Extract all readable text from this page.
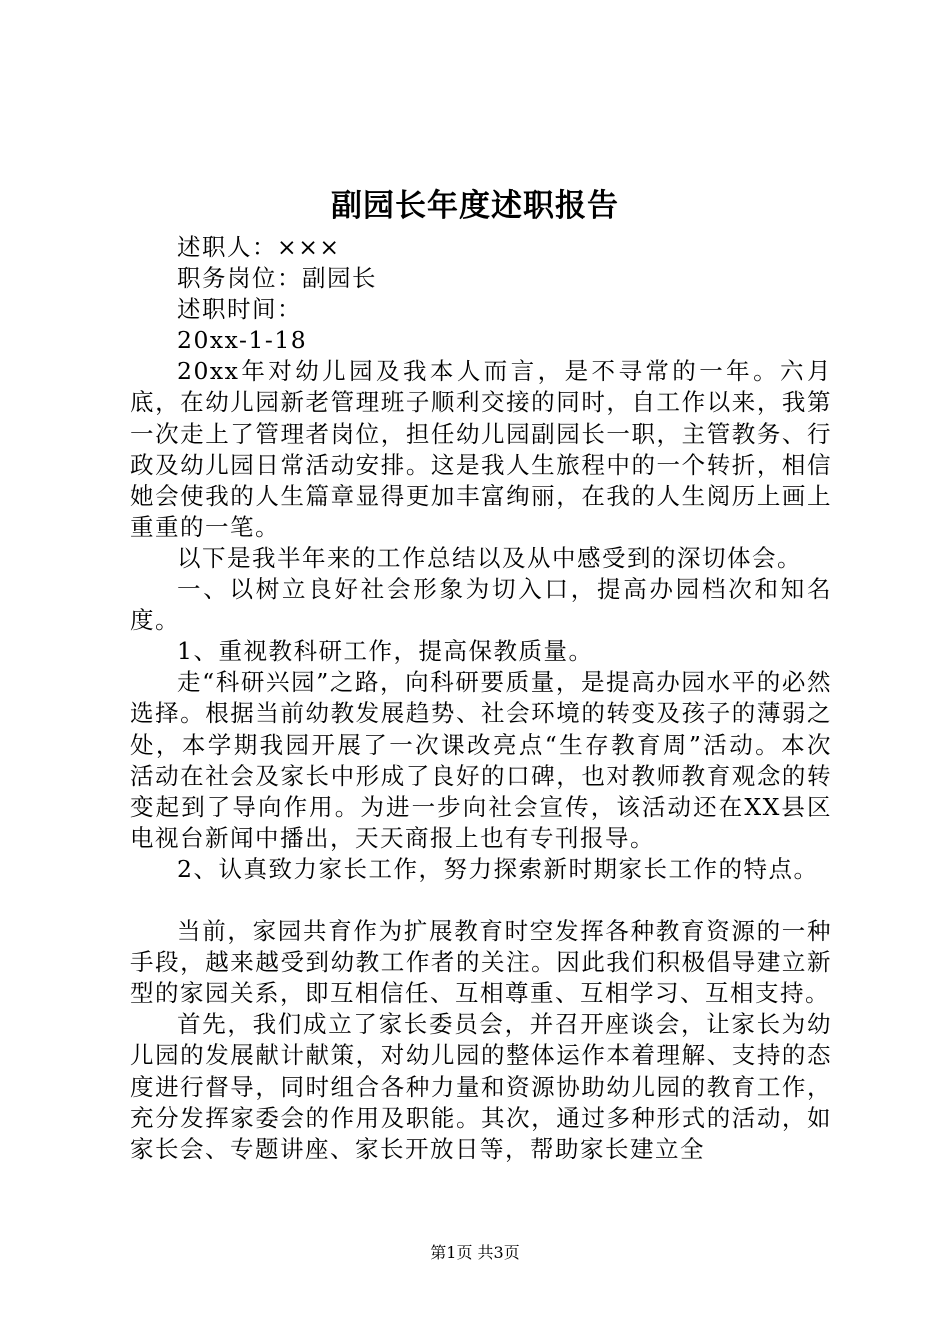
副园长年度述职报告

述职人：×××

职务岗位：副园长

述职时间：

20xx-1-18

20xx年对幼儿园及我本人而言，是不寻常的一年。六月底，在幼儿园新老管理班子顺利交接的同时，自工作以来，我第一次走上了管理者岗位，担任幼儿园副园长一职，主管教务、行政及幼儿园日常活动安排。这是我人生旅程中的一个转折，相信她会使我的人生篇章显得更加丰富绚丽，在我的人生阅历上画上重重的一笔。

以下是我半年来的工作总结以及从中感受到的深切体会。

一、以树立良好社会形象为切入口，提高办园档次和知名度。

1、重视教科研工作，提高保教质量。

走“科研兴园”之路，向科研要质量，是提高办园水平的必然选择。根据当前幼教发展趋势、社会环境的转变及孩子的薄弱之处，本学期我园开展了一次课改亮点“生存教育周”活动。本次活动在社会及家长中形成了良好的口碑，也对教师教育观念的转变起到了导向作用。为进一步向社会宣传，该活动还在XX县区电视台新闻中播出，天天商报上也有专刊报导。

2、认真致力家长工作，努力探索新时期家长工作的特点。

当前，家园共育作为扩展教育时空发挥各种教育资源的一种手段，越来越受到幼教工作者的关注。因此我们积极倡导建立新型的家园关系，即互相信任、互相尊重、互相学习、互相支持。

首先，我们成立了家长委员会，并召开座谈会，让家长为幼儿园的发展献计献策，对幼儿园的整体运作本着理解、支持的态度进行督导，同时组合各种力量和资源协助幼儿园的教育工作，充分发挥家委会的作用及职能。其次，通过多种形式的活动，如家长会、专题讲座、家长开放日等，帮助家长建立全

第1页 共3页
